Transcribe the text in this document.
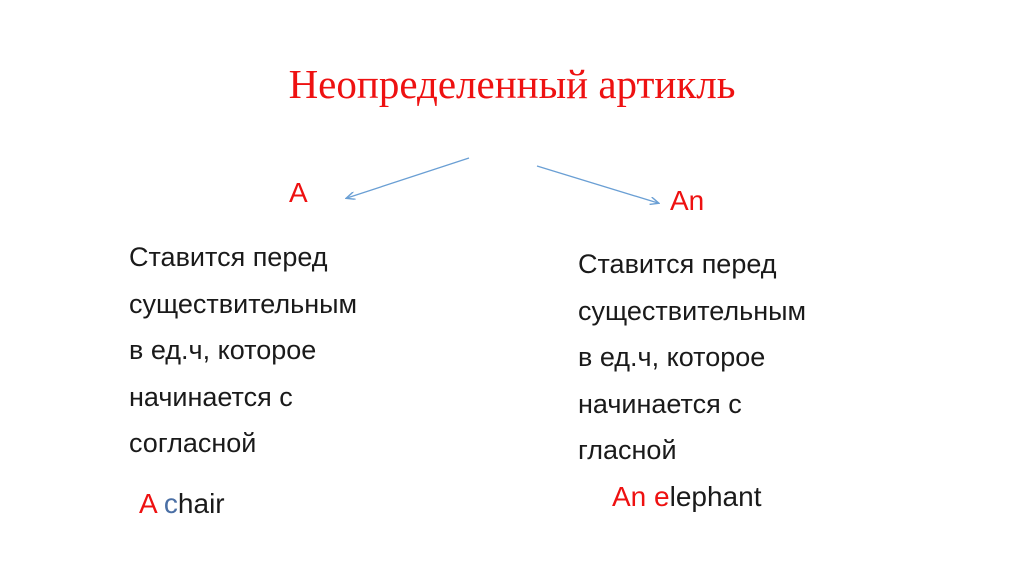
Неопределенный артикль
A
Ставится перед
существительным
в ед.ч, которое
начинается с
согласной
A chair
An
Ставится перед
существительным
в ед.ч, которое
начинается с
гласной
An elephant
